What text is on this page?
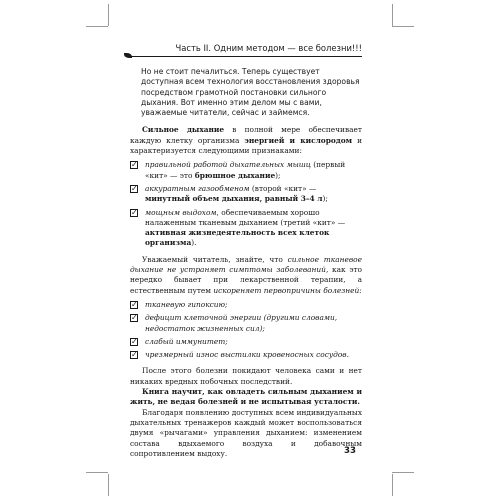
Часть II. Одним методом — все болезни!!!

Но не стоит печалиться. Теперь существует доступная всем технология восстановления здоровья посредством грамотной постановки сильного дыхания. Вот именно этим делом мы с вами, уважаемые читатели, сейчас и займемся.

Сильное дыхание в полной мере обеспечивает каждую клетку организма энергией и кислородом и характеризуется следующими признаками:

✓ правильной работой дыхательных мышц (первый «кит» — это брюшное дыхание);
✓ аккуратным газообменом (второй «кит» — минутный объем дыхания, равный 3–4 л);
✓ мощным выдохом, обеспечиваемым хорошо налаженным тканевым дыханием (третий «кит» — активная жизнедеятельность всех клеток организма).

Уважаемый читатель, знайте, что сильное тканевое дыхание не устраняет симптомы заболеваний, как это нередко бывает при лекарственной терапии, а естественным путем искореняет первопричины болезней:

✓ тканевую гипоксию;
✓ дефицит клеточной энергии (другими словами, недостаток жизненных сил);
✓ слабый иммунитет;
✓ чрезмерный износ выстилки кровеносных сосудов.

После этого болезни покидают человека сами и нет никаких вредных побочных последствий.

Книга научит, как овладеть сильным дыханием и жить, не ведая болезней и не испытывая усталости.

Благодаря появлению доступных всем индивидуальных дыхательных тренажеров каждый может воспользоваться двумя «рычагами» управления дыханием: изменением состава вдыхаемого воздуха и добавочным сопротивлением выдоху.	33
